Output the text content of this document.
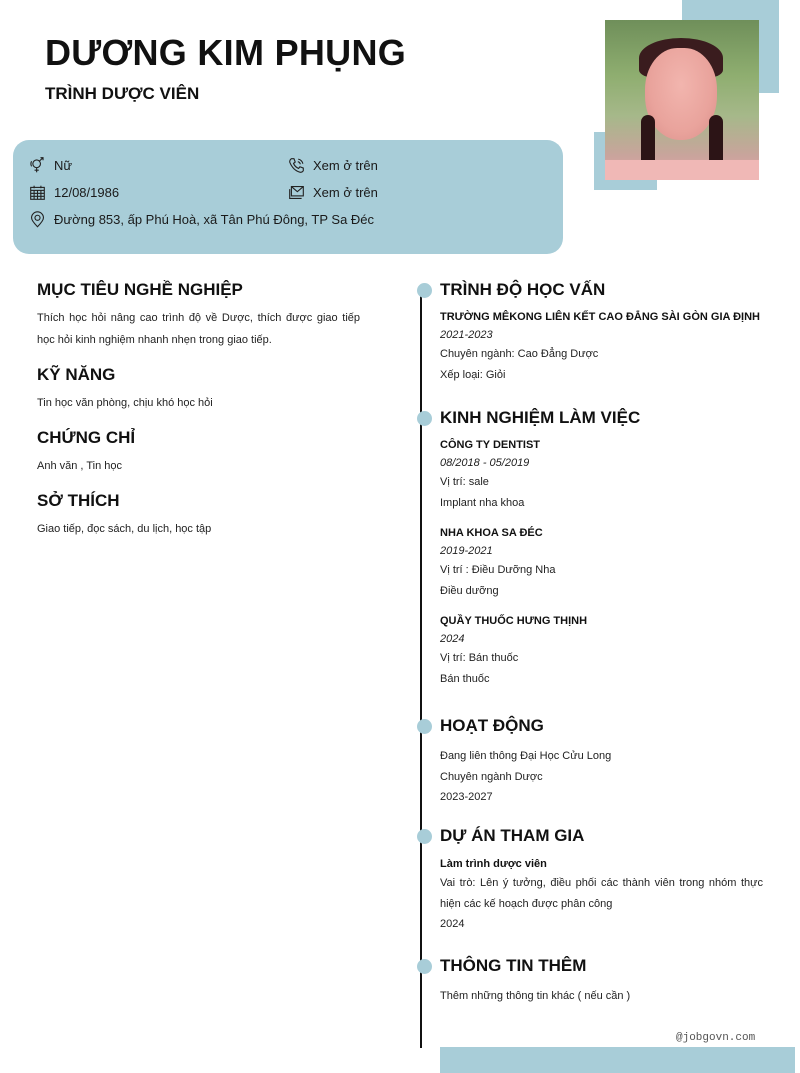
DƯƠNG KIM PHỤNG
TRÌNH DƯỢC VIÊN
Nữ	Xem ở trên
12/08/1986	Xem ở trên
Đường 853, ấp Phú Hoà, xã Tân Phú Đông, TP Sa Đéc
MỤC TIÊU NGHỀ NGHIỆP

Thích học hỏi nâng cao trình độ về Dược, thích được giao tiếp học hỏi kinh nghiệm nhanh nhẹn trong giao tiếp.

KỸ NĂNG

Tin học văn phòng, chịu khó học hỏi

CHỨNG CHỈ

Anh văn , Tin học

SỞ THÍCH

Giao tiếp, đọc sách, du lịch, học tập

TRÌNH ĐỘ HỌC VẤN
TRƯỜNG MÊKONG LIÊN KẾT CAO ĐẲNG SÀI GÒN GIA ĐỊNH
2021-2023
Chuyên ngành: Cao Đẳng Dược
Xếp loại: Giỏi
KINH NGHIỆM LÀM VIỆC
CÔNG TY DENTIST
08/2018 - 05/2019
Vị trí: sale
Implant nha khoa
NHA KHOA SA ĐÉC
2019-2021
Vị trí : Điều Dưỡng Nha
Điều dưỡng
QUẦY THUỐC HƯNG THỊNH
2024
Vị trí: Bán thuốc
Bán thuốc
HOẠT ĐỘNG
Đang liên thông Đại Học Cửu Long
Chuyên ngành Dược
2023-2027
DỰ ÁN THAM GIA
Làm trình dược viên
Vai trò: Lên ý tưởng, điều phối các thành viên trong nhóm thực hiện các kế hoạch được phân công
2024
THÔNG TIN THÊM
Thêm những thông tin khác ( nếu cần )
@jobgovn.com
